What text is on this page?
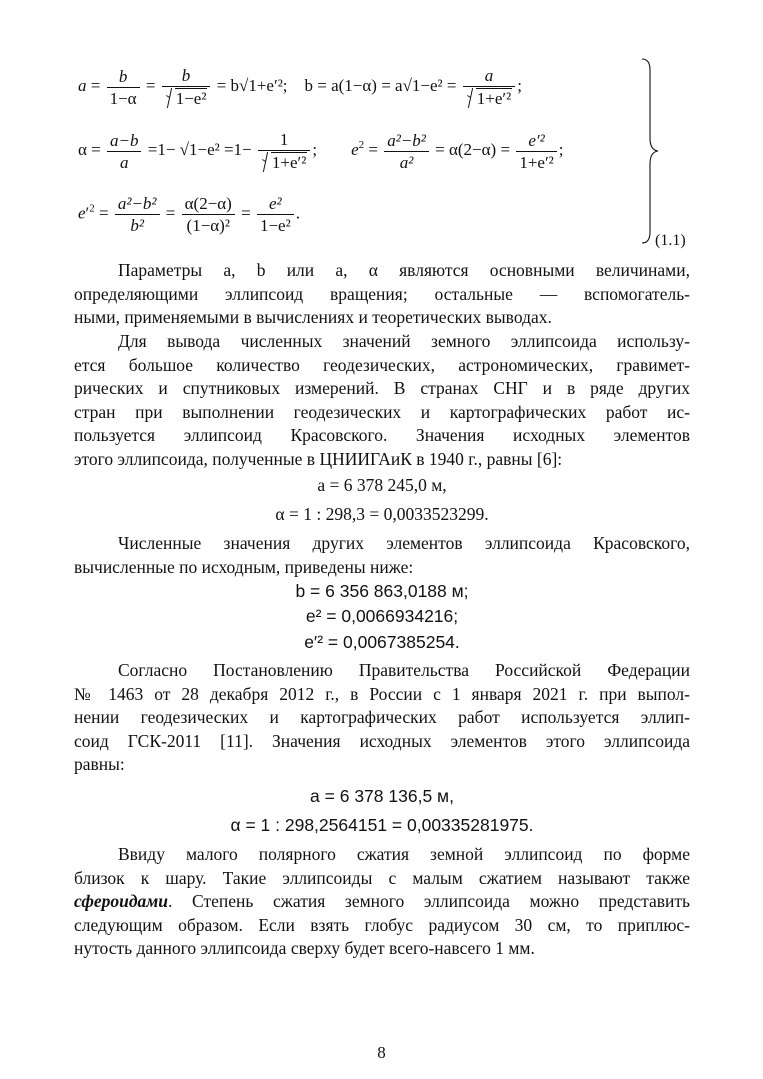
$a = \frac{b}{1-\alpha} = \frac{b}{\text{1−e²}} = b√1+e'^2$; $b = a(1-\alpha) = a√1-e^2 = \frac{a}{\text{1+e′²}}$ ;
$\alpha = \frac{a-b}{a} =1- √1-e^2 =1- \frac{1}{\text{1+e′²}}$ ;        $e^2 = \frac{\text{a²−b²}}{\text{a²}} = \alpha(2-\alpha) = \frac{\text{e′²}}{\text{1+e′²}}$ ;
$e'^2 = \frac{\text{a²−b²}}{\text{b²}} = \frac{\alpha(2-\alpha)}{\text{(1−α)²}} = \frac{\text{e²}}{\text{1−e²}}$ .
(1.1)
Параметры a, b или a, α являются основными величинами,
определяющими эллипсоид вращения; остальные — вспомогатель-
ными, применяемыми в вычислениях и теоретических выводах.
Для вывода численных значений земного эллипсоида использу-
ется большое количество геодезических, астрономических, гравимет-
рических и спутниковых измерений. В странах СНГ и в ряде других
стран при выполнении геодезических и картографических работ ис-
пользуется эллипсоид Красовского. Значения исходных элементов
этого эллипсоида, полученные в ЦНИИГАиК в 1940 г., равны [6]:
a = 6 378 245,0 м,
α = 1 : 298,3 = 0,0033523299.
Численные значения других элементов эллипсоида Красовского,
вычисленные по исходным, приведены ниже:
b = 6 356 863,0188 м;
e² = 0,0066934216;
e′² = 0,0067385254.
Согласно Постановлению Правительства Российской Федерации
№ 1463 от 28 декабря 2012 г., в России с 1 января 2021 г. при выпол-
нении геодезических и картографических работ используется эллип-
соид ГСК-2011 [11]. Значения исходных элементов этого эллипсоида
равны:
a = 6 378 136,5 м,
α = 1 : 298,2564151 = 0,00335281975.
Ввиду малого полярного сжатия земной эллипсоид по форме
близок к шару. Такие эллипсоиды с малым сжатием называют также
сфероидами. Степень сжатия земного эллипсоида можно представить
следующим образом. Если взять глобус радиусом 30 см, то приплюс-
нутость данного эллипсоида сверху будет всего-навсего 1 мм.
8
